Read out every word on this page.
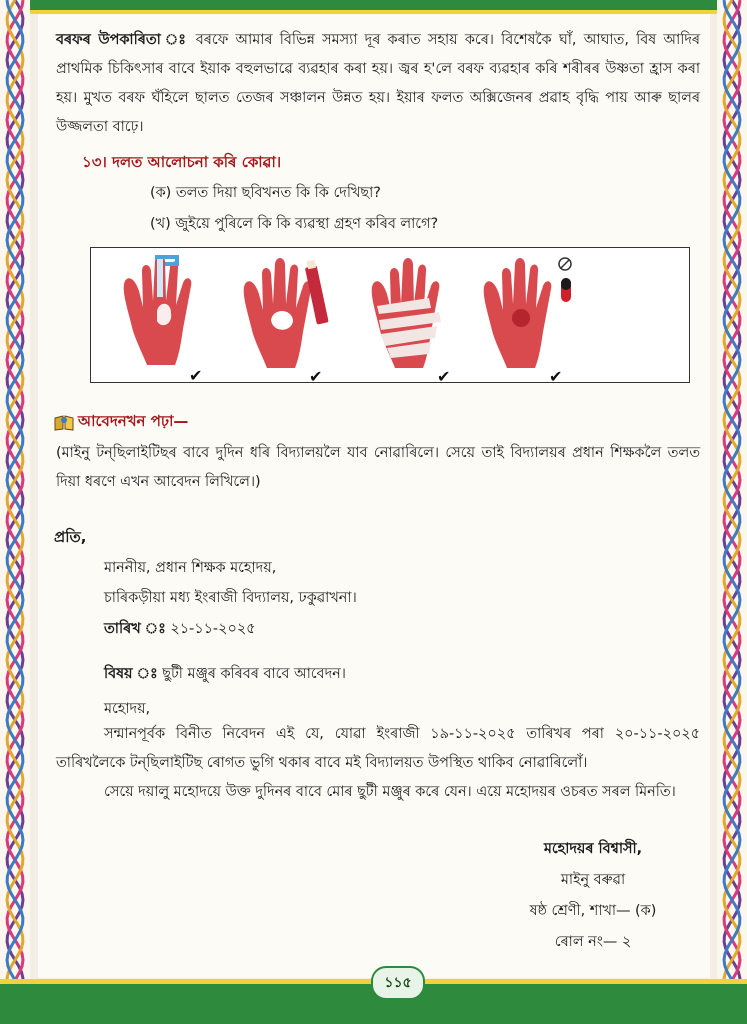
বৰফৰ উপকাৰিতা ঃ বৰফে আমাৰ বিভিন্ন সমস্যা দূৰ কৰাত সহায় কৰে। বিশেষকৈ ঘাঁ, আঘাত, বিষ আদিৰ প্ৰাথমিক চিকিৎসাৰ বাবে ইয়াক বহুলভাৱে ব্যৱহাৰ কৰা হয়। জ্বৰ হ'লে বৰফ ব্যৱহাৰ কৰি শৰীৰৰ উষ্ণতা হ্ৰাস কৰা হয়। মুখত বৰফ ঘঁহিলে ছালত তেজৰ সঞ্চালন উন্নত হয়। ইয়াৰ ফলত অক্সিজেনৰ প্ৰৱাহ বৃদ্ধি পায় আৰু ছালৰ উজ্জলতা বাঢ়ে।

১৩। দলত আলোচনা কৰি কোৱা।
(ক) তলত দিয়া ছবিখনত কি কি দেখিছা?
(খ) জুইয়ে পুৰিলে কি কি ব্যৱস্থা গ্ৰহণ কৰিব লাগে?
✔	✔	✔	✔
আবেদনখন পঢ়া—

(মাইনু টন্‌ছিলাইটিছৰ বাবে দুদিন ধৰি বিদ্যালয়লৈ যাব নোৱাৰিলে। সেয়ে তাই বিদ্যালয়ৰ প্ৰধান শিক্ষকলৈ তলত দিয়া ধৰণে এখন আবেদন লিখিলে।)

প্ৰতি,
মাননীয়, প্ৰধান শিক্ষক মহোদয়,
চাৰিকড়ীয়া মধ্য ইংৰাজী বিদ্যালয়, ঢকুৱাখনা।
তাৰিখ ঃ ২১-১১-২০২৫
বিষয় ঃ ছুটী মঞ্জুৰ কৰিবৰ বাবে আবেদন।
মহোদয়,
সন্মানপূৰ্বক বিনীত নিবেদন এই যে, যোৱা ইংৰাজী ১৯-১১-২০২৫ তাৰিখৰ পৰা ২০-১১-২০২৫ তাৰিখলৈকে টন্‌ছিলাইটিছ ৰোগত ভুগি থকাৰ বাবে মই বিদ্যালয়ত উপস্থিত থাকিব নোৱাৰিলোঁ।
সেয়ে দয়ালু মহোদয়ে উক্ত দুদিনৰ বাবে মোৰ ছুটী মঞ্জুৰ কৰে যেন। এয়ে মহোদয়ৰ ওচৰত সৰল মিনতি।
মহোদয়ৰ বিশ্বাসী,
মাইনু বৰুৱা
ষষ্ঠ শ্ৰেণী, শাখা— (ক)
ৰোল নং— ২
১১৫
